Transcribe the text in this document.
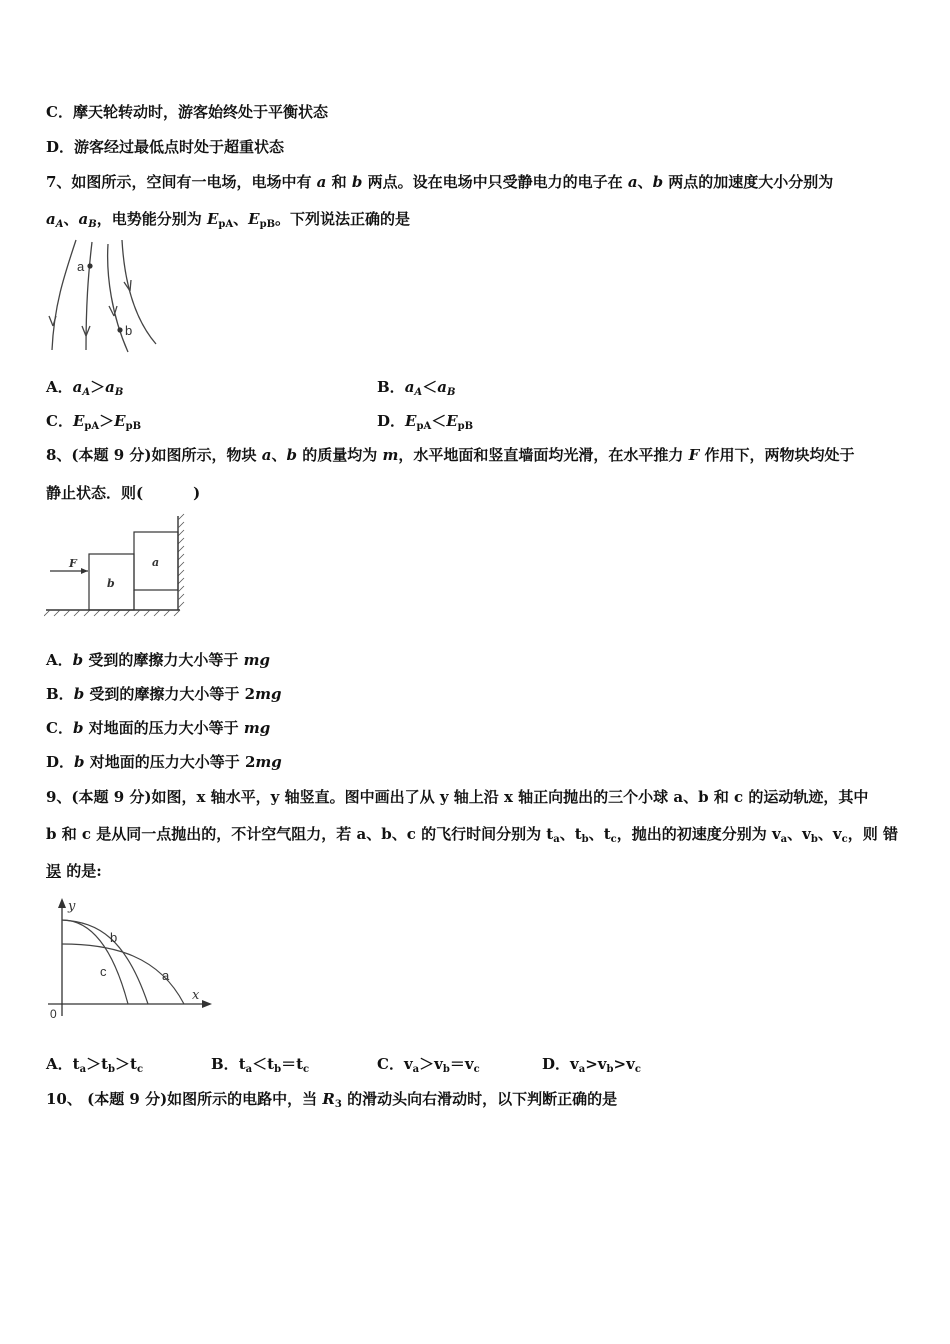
C．摩天轮转动时，游客始终处于平衡状态
D．游客经过最低点时处于超重状态
7、如图所示，空间有一电场，电场中有 a 和 b 两点。设在电场中只受静电力的电子在 a、b 两点的加速度大小分别为
$a_A$、$a_B$，电势能分别为 $E_{pA}$、$E_{pB}$。下列说法正确的是
a
b
A．$a_A>a_B$	B．$a_A<a_B$
C．$E_{pA}>E_{pB}$	D．$E_{pA}<E_{pB}$
8、(本题 9 分)如图所示，物块 a、b 的质量均为 m，水平地面和竖直墙面均光滑，在水平推力 F 作用下，两物块均处于
静止状态．则(	)
F	a
b
A．b 受到的摩擦力大小等于 mg
B．b 受到的摩擦力大小等于 2mg
C．b 对地面的压力大小等于 mg
D．b 对地面的压力大小等于 2mg
9、(本题 9 分)如图，x 轴水平，y 轴竖直。图中画出了从 y 轴上沿 x 轴正向抛出的三个小球 a、b 和 c 的运动轨迹，其中
b 和 c 是从同一点抛出的，不计空气阻力，若 a、b、c 的飞行时间分别为 $t_a$、$t_b$、$t_c$，抛出的初速度分别为 $v_a$、$v_b$、$v_c$，则 错
误 的是:
y
x
0
a
b
c
A．$t_a>t_b>t_c$	B．$t_a<t_b=t_c$	C．$v_a>v_b=v_c$	D．$v_a>v_b>v_c$
10、 (本题 9 分)如图所示的电路中，当 $R_3$ 的滑动头向右滑动时，以下判断正确的是
